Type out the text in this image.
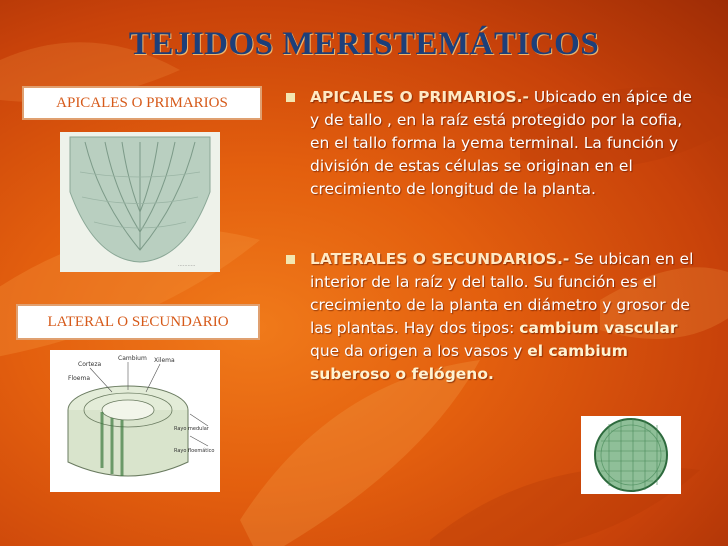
TEJIDOS MERISTEMÁTICOS
APICALES O PRIMARIOS
...........
LATERAL O SECUNDARIO
Corteza
Xilema
Floema
Cambium
Rayo medular
Rayo floemático

APICALES O PRIMARIOS.- Ubicado en ápice de y de tallo , en la raíz está protegido por la cofia, en el tallo forma la yema terminal. La función y división de estas células se originan en el crecimiento de longitud de la planta.

LATERALES O SECUNDARIOS.- Se ubican en el interior de la raíz y del tallo. Su función es el crecimiento de la planta en diámetro y grosor de las plantas. Hay dos tipos: cambium vascular que da origen a los vasos y el cambium suberoso o felógeno.
